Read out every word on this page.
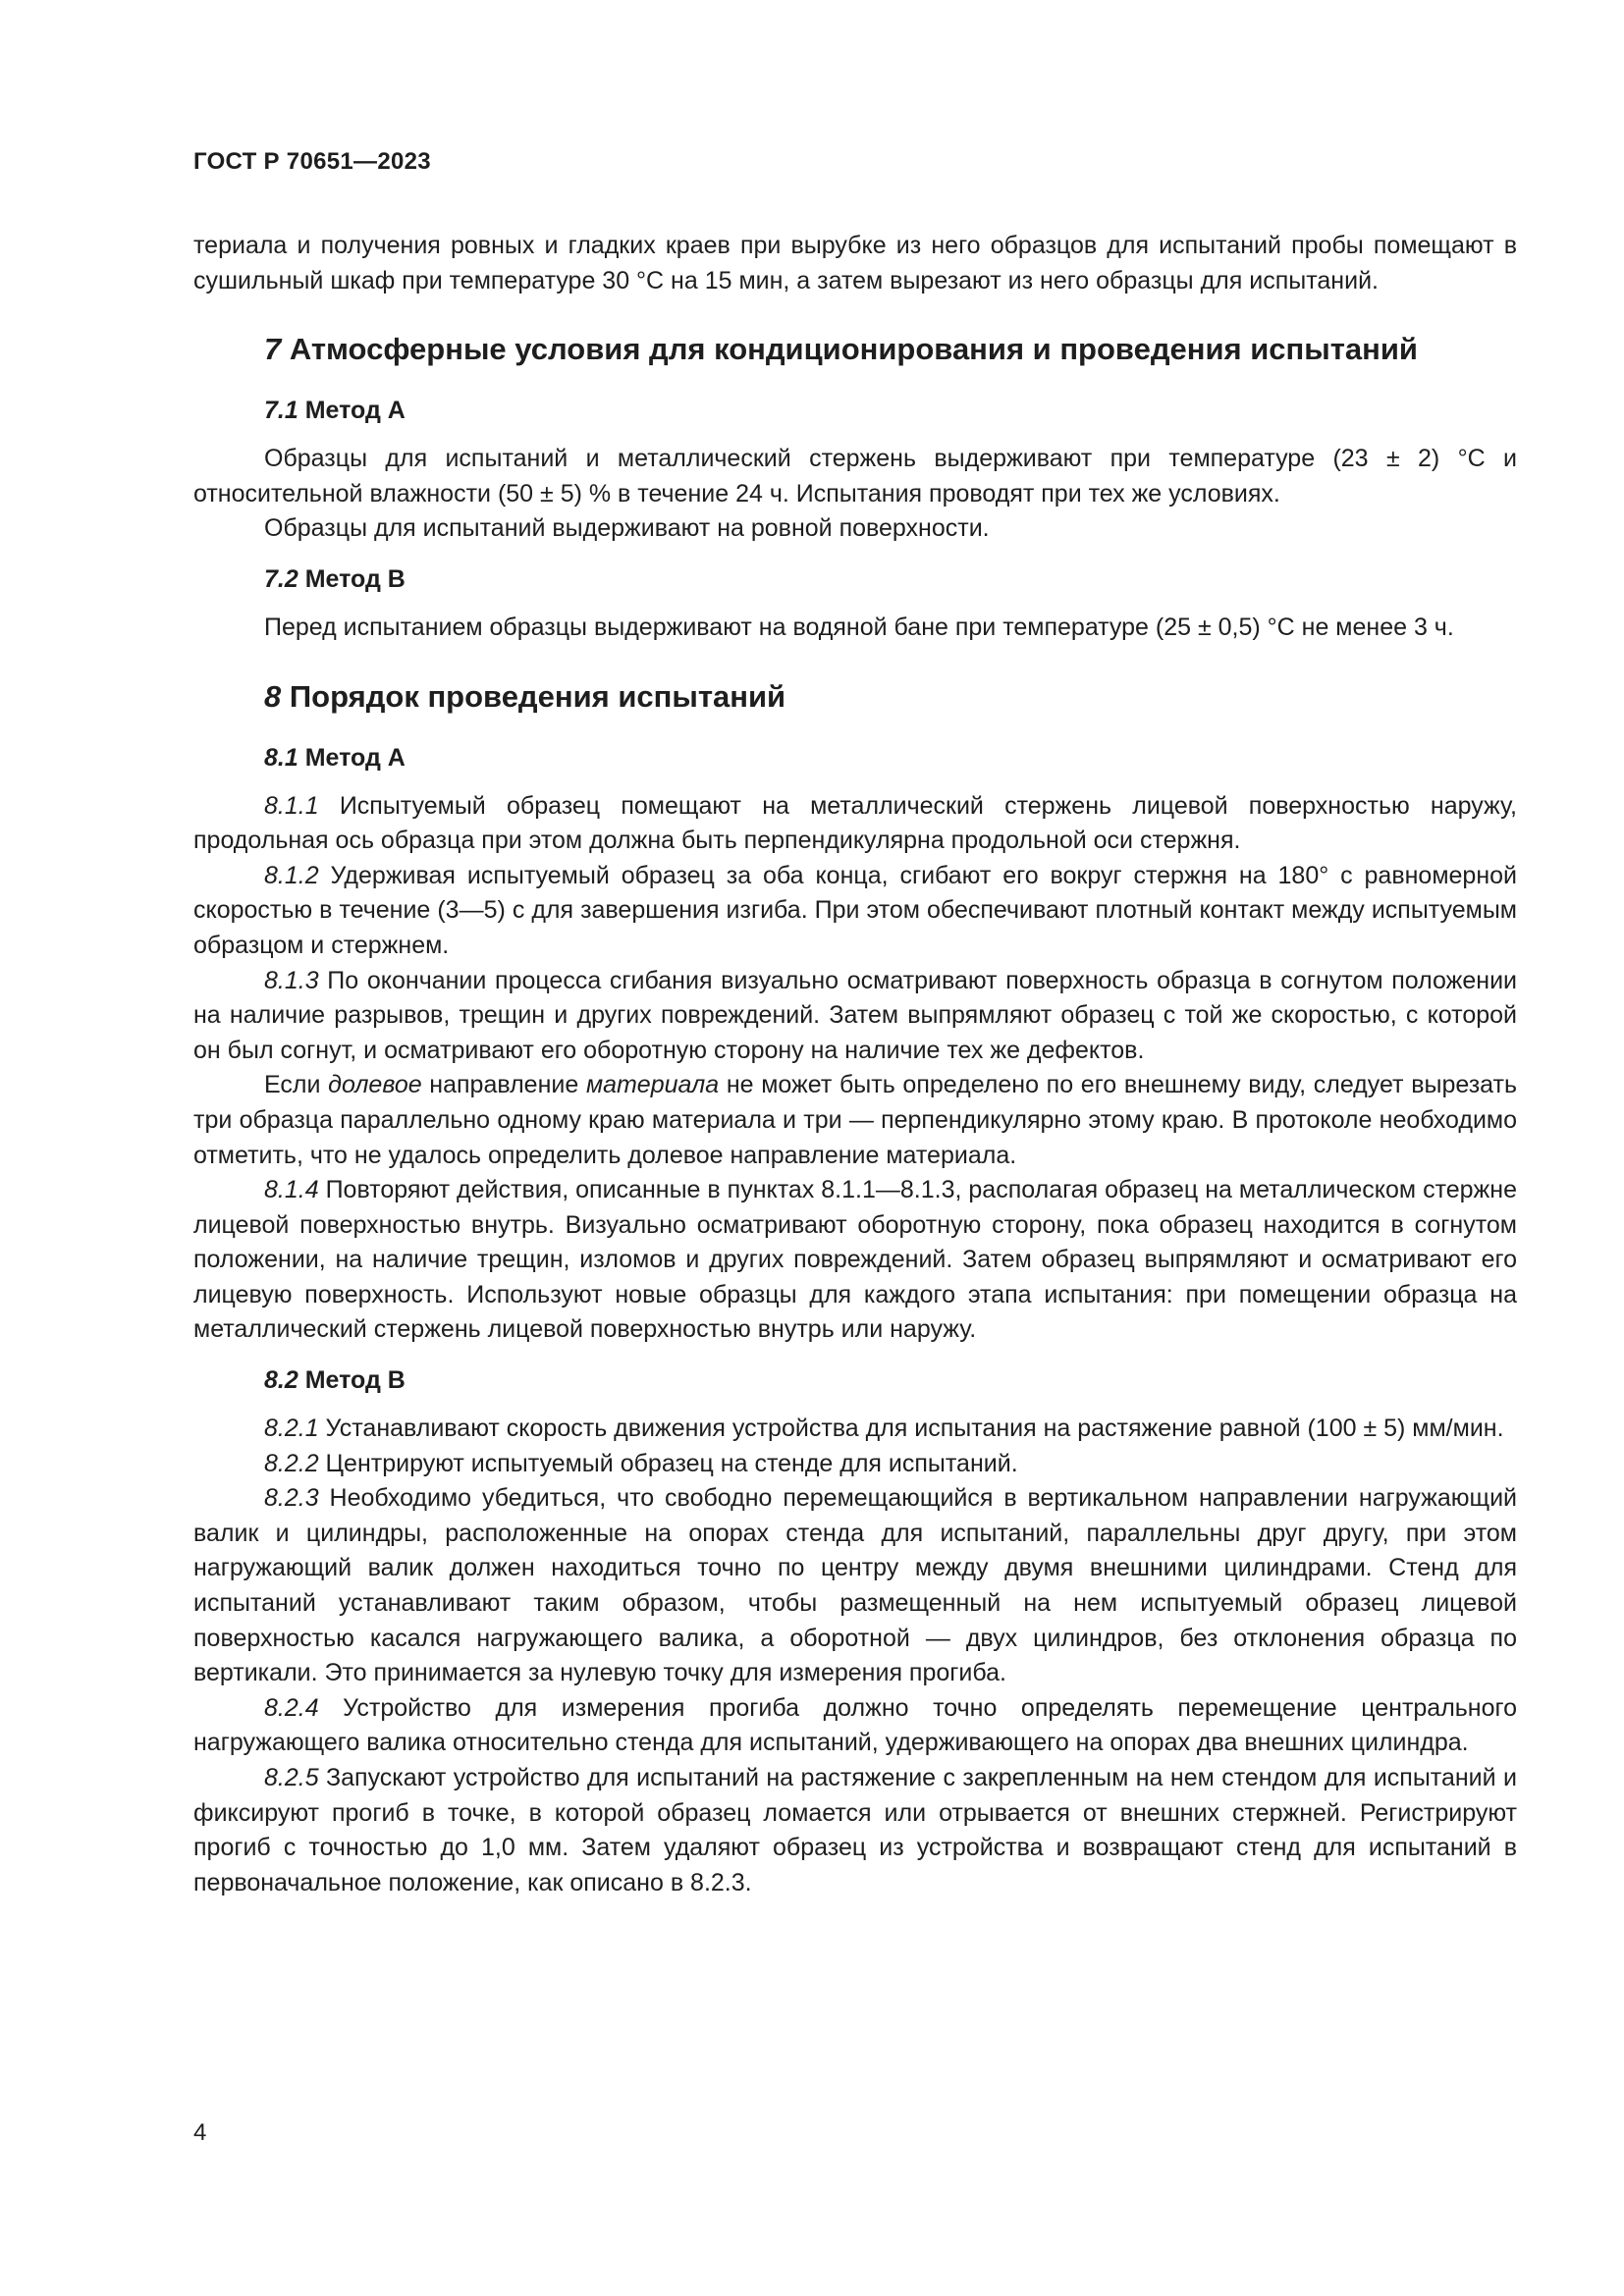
ГОСТ Р 70651—2023

териала и получения ровных и гладких краев при вырубке из него образцов для испытаний пробы помещают в сушильный шкаф при температуре 30 °C на 15 мин, а затем вырезают из него образцы для испытаний.

7 Атмосферные условия для кондиционирования и проведения испытаний
7.1 Метод А

Образцы для испытаний и металлический стержень выдерживают при температуре (23 ± 2) °C и относительной влажности (50 ± 5) % в течение 24 ч. Испытания проводят при тех же условиях.

Образцы для испытаний выдерживают на ровной поверхности.

7.2 Метод В

Перед испытанием образцы выдерживают на водяной бане при температуре (25 ± 0,5) °C не менее 3 ч.

8 Порядок проведения испытаний
8.1 Метод А

8.1.1 Испытуемый образец помещают на металлический стержень лицевой поверхностью наружу, продольная ось образца при этом должна быть перпендикулярна продольной оси стержня.

8.1.2 Удерживая испытуемый образец за оба конца, сгибают его вокруг стержня на 180° с равномерной скоростью в течение (3—5) с для завершения изгиба. При этом обеспечивают плотный контакт между испытуемым образцом и стержнем.

8.1.3 По окончании процесса сгибания визуально осматривают поверхность образца в согнутом положении на наличие разрывов, трещин и других повреждений. Затем выпрямляют образец с той же скоростью, с которой он был согнут, и осматривают его оборотную сторону на наличие тех же дефектов.

Если долевое направление материала не может быть определено по его внешнему виду, следует вырезать три образца параллельно одному краю материала и три — перпендикулярно этому краю. В протоколе необходимо отметить, что не удалось определить долевое направление материала.

8.1.4 Повторяют действия, описанные в пунктах 8.1.1—8.1.3, располагая образец на металлическом стержне лицевой поверхностью внутрь. Визуально осматривают оборотную сторону, пока образец находится в согнутом положении, на наличие трещин, изломов и других повреждений. Затем образец выпрямляют и осматривают его лицевую поверхность. Используют новые образцы для каждого этапа испытания: при помещении образца на металлический стержень лицевой поверхностью внутрь или наружу.

8.2 Метод В

8.2.1 Устанавливают скорость движения устройства для испытания на растяжение равной (100 ± 5) мм/мин.

8.2.2 Центрируют испытуемый образец на стенде для испытаний.

8.2.3 Необходимо убедиться, что свободно перемещающийся в вертикальном направлении нагружающий валик и цилиндры, расположенные на опорах стенда для испытаний, параллельны друг другу, при этом нагружающий валик должен находиться точно по центру между двумя внешними цилиндрами. Стенд для испытаний устанавливают таким образом, чтобы размещенный на нем испытуемый образец лицевой поверхностью касался нагружающего валика, а оборотной — двух цилиндров, без отклонения образца по вертикали. Это принимается за нулевую точку для измерения прогиба.

8.2.4 Устройство для измерения прогиба должно точно определять перемещение центрального нагружающего валика относительно стенда для испытаний, удерживающего на опорах два внешних цилиндра.

8.2.5 Запускают устройство для испытаний на растяжение с закрепленным на нем стендом для испытаний и фиксируют прогиб в точке, в которой образец ломается или отрывается от внешних стержней. Регистрируют прогиб с точностью до 1,0 мм. Затем удаляют образец из устройства и возвращают стенд для испытаний в первоначальное положение, как описано в 8.2.3.

4
